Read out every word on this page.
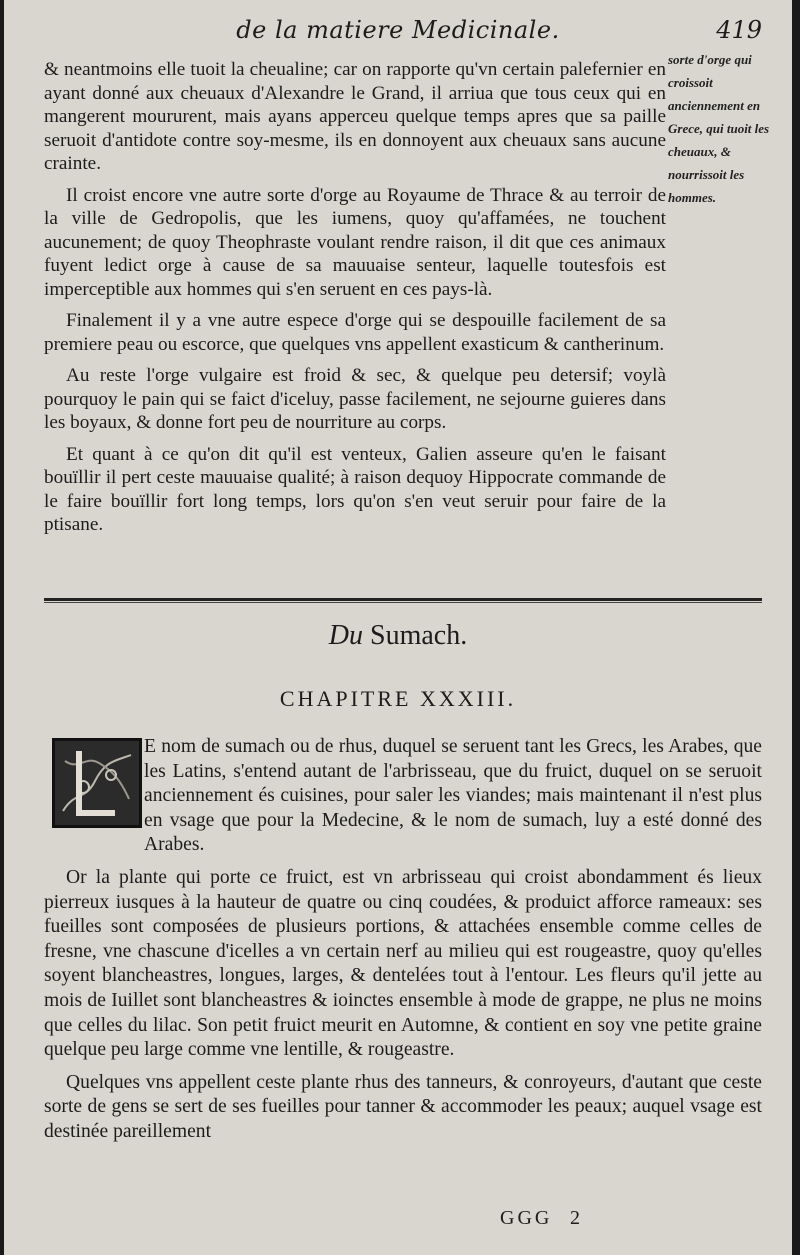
de la matiere Medicinale.	419
sorte d'orge qui croissoit anciennement en Grece, qui tuoit les cheuaux, & nourrissoit les hommes.

& neantmoins elle tuoit la cheualine; car on rapporte qu'vn certain palefernier en ayant donné aux cheuaux d'Alexandre le Grand, il arriua que tous ceux qui en mangerent moururent, mais ayans apperceu quelque temps apres que sa paille seruoit d'antidote contre soy-mesme, ils en donnoyent aux cheuaux sans aucune crainte.

Il croist encore vne autre sorte d'orge au Royaume de Thrace & au terroir de la ville de Gedropolis, que les iumens, quoy qu'affamées, ne touchent aucunement; de quoy Theophraste voulant rendre raison, il dit que ces animaux fuyent ledict orge à cause de sa mauuaise senteur, laquelle toutesfois est imperceptible aux hommes qui s'en seruent en ces pays-là.

Finalement il y a vne autre espece d'orge qui se despouille facilement de sa premiere peau ou escorce, que quelques vns appellent exasticum & cantherinum.

Au reste l'orge vulgaire est froid & sec, & quelque peu detersif; voylà pourquoy le pain qui se faict d'iceluy, passe facilement, ne sejourne guieres dans les boyaux, & donne fort peu de nourriture au corps.

Et quant à ce qu'on dit qu'il est venteux, Galien asseure qu'en le faisant bouïllir il pert ceste mauuaise qualité; à raison dequoy Hippocrate commande de le faire bouïllir fort long temps, lors qu'on s'en veut seruir pour faire de la ptisane.

Du Sumach.
CHAPITRE XXXIII.

E nom de sumach ou de rhus, duquel se seruent tant les Grecs, les Arabes, que les Latins, s'entend autant de l'arbrisseau, que du fruict, duquel on se seruoit anciennement és cuisines, pour saler les viandes; mais maintenant il n'est plus en vsage que pour la Medecine, & le nom de sumach, luy a esté donné des Arabes.

Or la plante qui porte ce fruict, est vn arbrisseau qui croist abondamment és lieux pierreux iusques à la hauteur de quatre ou cinq coudées, & produict afforce rameaux: ses fueilles sont composées de plusieurs portions, & attachées ensemble comme celles de fresne, vne chascune d'icelles a vn certain nerf au milieu qui est rougeastre, quoy qu'elles soyent blancheastres, longues, larges, & dentelées tout à l'entour. Les fleurs qu'il jette au mois de Iuillet sont blancheastres & ioinctes ensemble à mode de grappe, ne plus ne moins que celles du lilac. Son petit fruict meurit en Automne, & contient en soy vne petite graine quelque peu large comme vne lentille, & rougeastre.

Quelques vns appellent ceste plante rhus des tanneurs, & conroyeurs, d'autant que ceste sorte de gens se sert de ses fueilles pour tanner & accommoder les peaux; auquel vsage est destinée pareillement

GGG 2
